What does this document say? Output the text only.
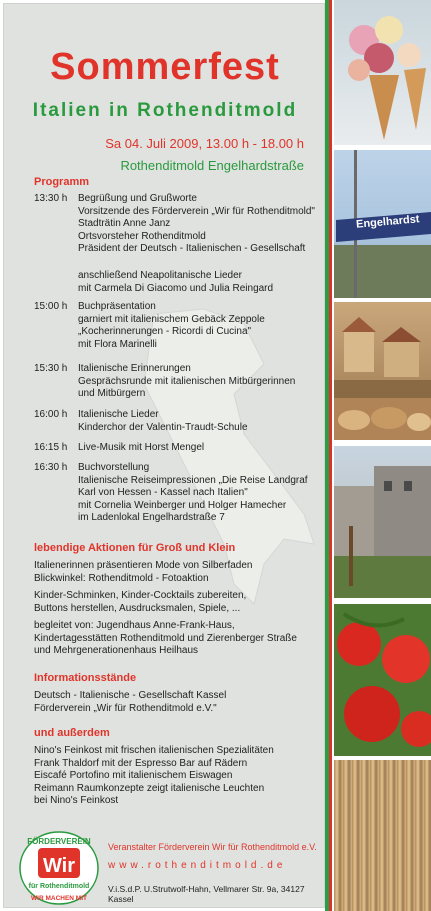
Sommerfest
Italien in Rothenditmold
Sa 04. Juli 2009, 13.00 h - 18.00 h
Rothenditmold Engelhardstraße
Programm
13:30 h	Begrüßung und Grußworte
Vorsitzende des Förderverein „Wir für Rothenditmold"
Stadträtin Anne Janz
Ortsvorsteher Rothenditmold
Präsident der Deutsch - Italienischen - Gesellschaft
anschließend Neapolitanische Lieder
mit Carmela Di Giacomo und Julia Reingard
15:00 h	Buchpräsentation
garniert mit italienischem Gebäck Zeppole
„Kocherinnerungen - Ricordi di Cucina"
mit Flora Marinelli
15:30 h	Italienische Erinnerungen
Gesprächsrunde mit italienischen Mitbürgerinnen
und Mitbürgern
16:00 h	Italienische Lieder
Kinderchor der Valentin-Traudt-Schule
16:15 h	Live-Musik mit Horst Mengel
16:30 h	Buchvorstellung
Italienische Reiseimpressionen „Die Reise Landgraf
Karl von Hessen - Kassel nach Italien"
mit Cornelia Weinberger und Holger Hamecher
im Ladenlokal Engelhardstraße 7
lebendige Aktionen für Groß und Klein
Italienerinnen präsentieren Mode von Silberfaden
Blickwinkel: Rothenditmold - Fotoaktion
Kinder-Schminken, Kinder-Cocktails zubereiten,
Buttons herstellen, Ausdrucksmalen, Spiele, ...
begleitet von: Jugendhaus Anne-Frank-Haus,
Kindertagesstätten Rothenditmold und Zierenberger Straße
und Mehrgenerationenhaus Heilhaus
Informationsstände
Deutsch - Italienische - Gesellschaft Kassel
Förderverein „Wir für Rothenditmold e.V."
und außerdem
Nino's Feinkost mit frischen italienischen Spezialitäten
Frank Thaldorf mit der Espresso Bar auf Rädern
Eiscafé Portofino mit italienischem Eiswagen
Reimann Raumkonzepte zeigt italienische Leuchten
bei Nino's Feinkost
FÖRDERVEREIN
Wir
für Rothenditmold
WIR MACHEN MIT
Veranstalter Förderverein Wir für Rothenditmold e.V.
www.rothenditmold.de
V.i.S.d.P. U.Strutwolf-Hahn, Vellmarer Str. 9a, 34127 Kassel
Engelhardst
